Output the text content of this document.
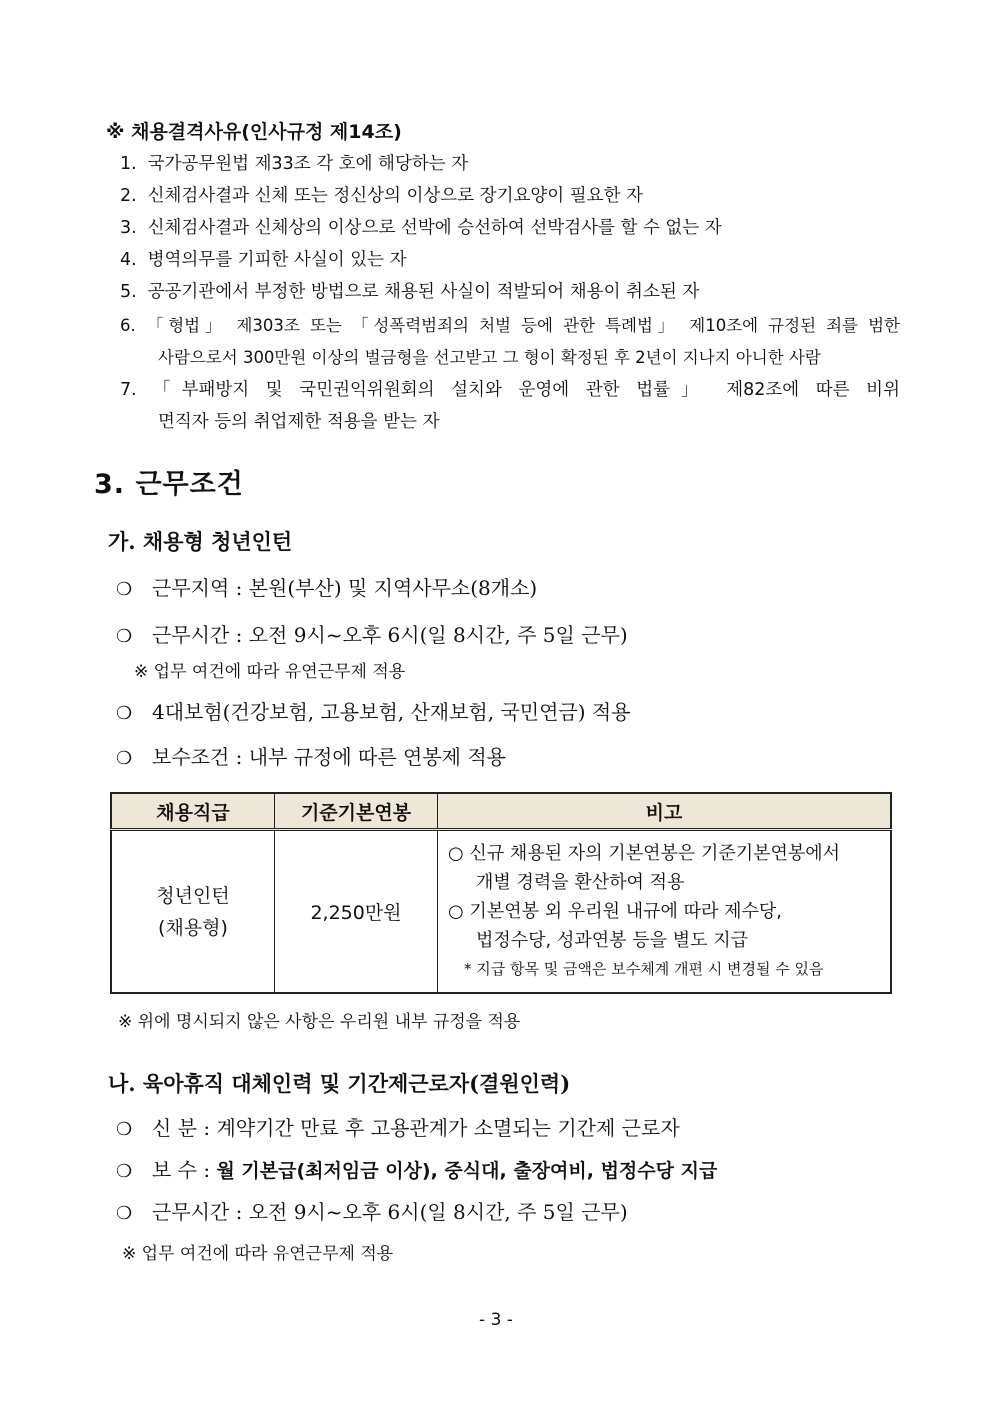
※ 채용결격사유(인사규정 제14조)
1. 국가공무원법 제33조 각 호에 해당하는 자
2. 신체검사결과 신체 또는 정신상의 이상으로 장기요양이 필요한 자
3. 신체검사결과 신체상의 이상으로 선박에 승선하여 선박검사를 할 수 없는 자
4. 병역의무를 기피한 사실이 있는 자
5. 공공기관에서 부정한 방법으로 채용된 사실이 적발되어 채용이 취소된 자
6. 「형법」 제303조 또는 「성폭력범죄의 처벌 등에 관한 특례법」 제10조에 규정된 죄를 범한
사람으로서 300만원 이상의 벌금형을 선고받고 그 형이 확정된 후 2년이 지나지 아니한 사람
7. 「부패방지 및 국민권익위원회의 설치와 운영에 관한 법률」 제82조에 따른 비위
면직자 등의 취업제한 적용을 받는 자
3. 근무조건
가. 채용형 청년인턴
❍ 근무지역 : 본원(부산) 및 지역사무소(8개소)
❍ 근무시간 : 오전 9시~오후 6시(일 8시간, 주 5일 근무)
※ 업무 여건에 따라 유연근무제 적용
❍ 4대보험(건강보험, 고용보험, 산재보험, 국민연금) 적용
❍ 보수조건 : 내부 규정에 따른 연봉제 적용
채용직급	기준기본연봉	비고

청년인턴
(채용형)	2,250만원	○ 신규 채용된 자의 기본연봉은 기준기본연봉에서
개별 경력을 환산하여 적용
○ 기본연봉 외 우리원 내규에 따라 제수당,
법정수당, 성과연봉 등을 별도 지급
* 지급 항목 및 금액은 보수체계 개편 시 변경될 수 있음
※ 위에 명시되지 않은 사항은 우리원 내부 규정을 적용
나. 육아휴직 대체인력 및 기간제근로자(결원인력)
❍ 신 분 : 계약기간 만료 후 고용관계가 소멸되는 기간제 근로자
❍ 보 수 : 월 기본급(최저임금 이상), 중식대, 출장여비, 법정수당 지급
❍ 근무시간 : 오전 9시~오후 6시(일 8시간, 주 5일 근무)
※ 업무 여건에 따라 유연근무제 적용
- 3 -
